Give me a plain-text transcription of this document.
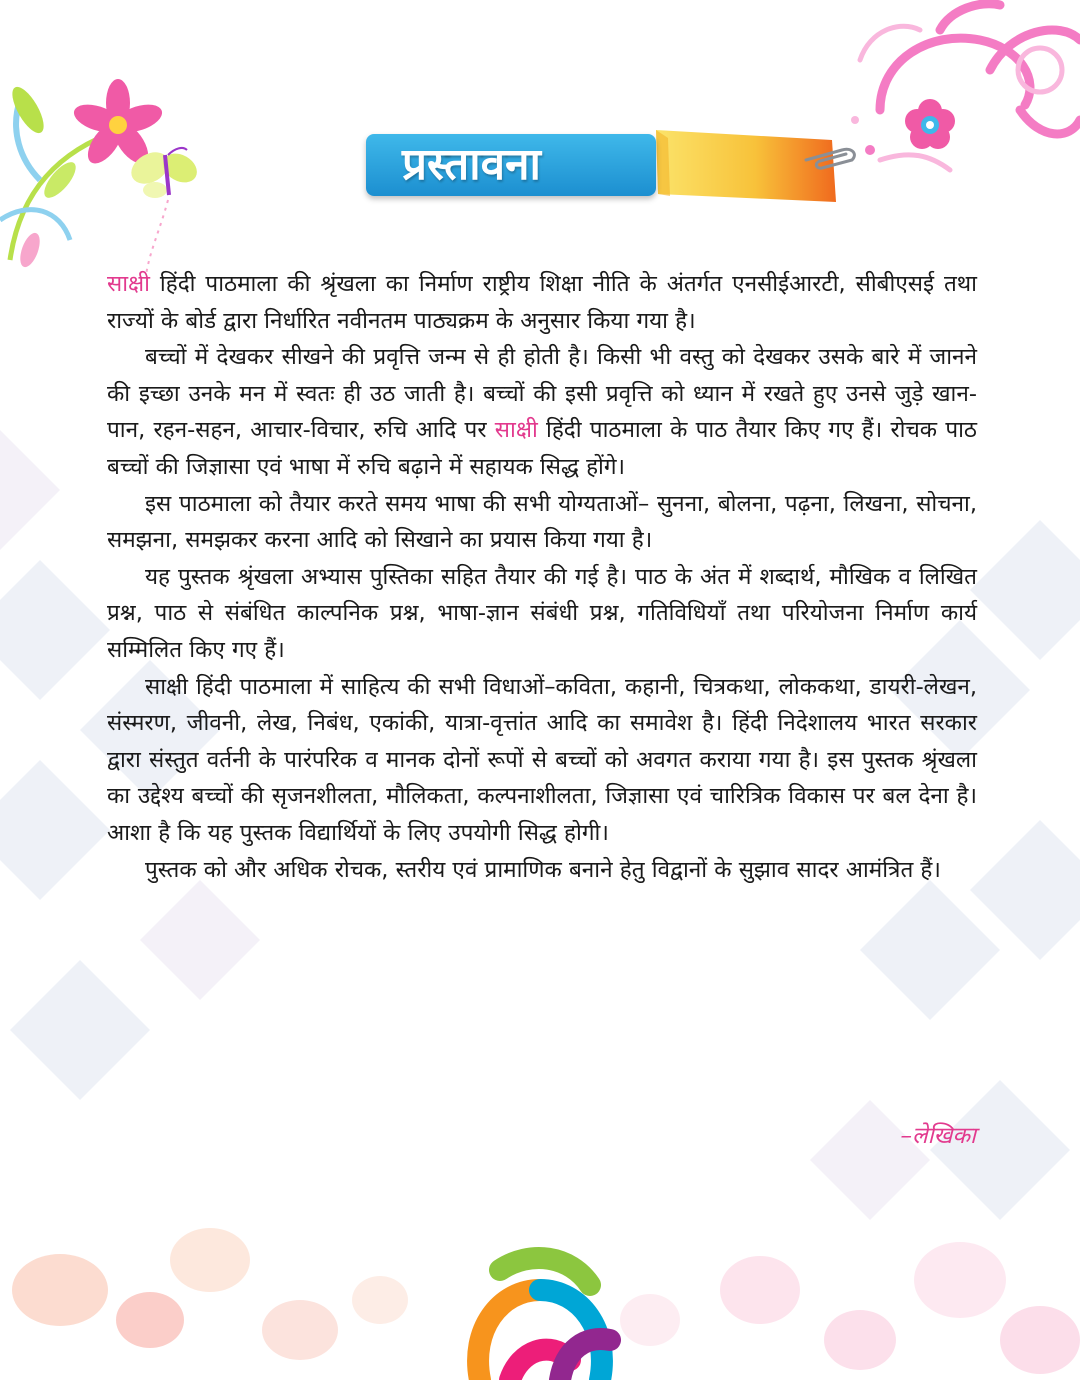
प्रस्तावना

साक्षी हिंदी पाठमाला की श्रृंखला का निर्माण राष्ट्रीय शिक्षा नीति के अंतर्गत एनसीईआरटी, सीबीएसई तथा राज्यों के बोर्ड द्वारा निर्धारित नवीनतम पाठ्यक्रम के अनुसार किया गया है।

बच्चों में देखकर सीखने की प्रवृत्ति जन्म से ही होती है। किसी भी वस्तु को देखकर उसके बारे में जानने की इच्छा उनके मन में स्वतः ही उठ जाती है। बच्चों की इसी प्रवृत्ति को ध्यान में रखते हुए उनसे जुड़े खान-पान, रहन-सहन, आचार-विचार, रुचि आदि पर साक्षी हिंदी पाठमाला के पाठ तैयार किए गए हैं। रोचक पाठ बच्चों की जिज्ञासा एवं भाषा में रुचि बढ़ाने में सहायक सिद्ध होंगे।

इस पाठमाला को तैयार करते समय भाषा की सभी योग्यताओं– सुनना, बोलना, पढ़ना, लिखना, सोचना, समझना, समझकर करना आदि को सिखाने का प्रयास किया गया है।

यह पुस्तक श्रृंखला अभ्यास पुस्तिका सहित तैयार की गई है। पाठ के अंत में शब्दार्थ, मौखिक व लिखित प्रश्न, पाठ से संबंधित काल्पनिक प्रश्न, भाषा-ज्ञान संबंधी प्रश्न, गतिविधियाँ तथा परियोजना निर्माण कार्य सम्मिलित किए गए हैं।

साक्षी हिंदी पाठमाला में साहित्य की सभी विधाओं–कविता, कहानी, चित्रकथा, लोककथा, डायरी-लेखन, संस्मरण, जीवनी, लेख, निबंध, एकांकी, यात्रा-वृत्तांत आदि का समावेश है। हिंदी निदेशालय भारत सरकार द्वारा संस्तुत वर्तनी के पारंपरिक व मानक दोनों रूपों से बच्चों को अवगत कराया गया है। इस पुस्तक श्रृंखला का उद्देश्य बच्चों की सृजनशीलता, मौलिकता, कल्पनाशीलता, जिज्ञासा एवं चारित्रिक विकास पर बल देना है। आशा है कि यह पुस्तक विद्यार्थियों के लिए उपयोगी सिद्ध होगी।

पुस्तक को और अधिक रोचक, स्तरीय एवं प्रामाणिक बनाने हेतु विद्वानों के सुझाव सादर आमंत्रित हैं।

–लेखिका
